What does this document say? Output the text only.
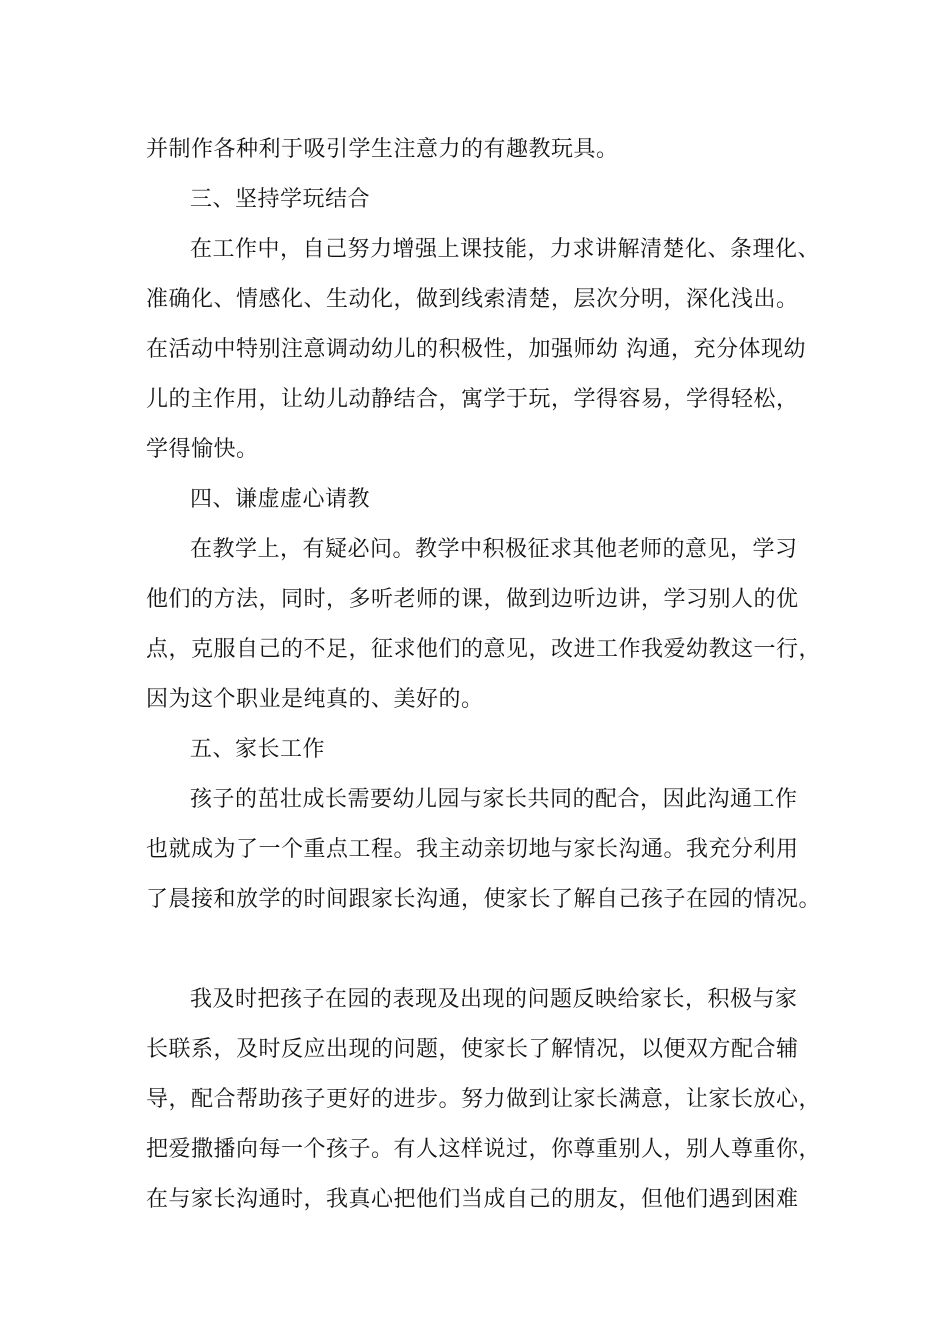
并制作各种利于吸引学生注意力的有趣教玩具。
三、坚持学玩结合
在工作中，自己努力增强上课技能，力求讲解清楚化、条理化、
准确化、情感化、生动化，做到线索清楚，层次分明，深化浅出。
在活动中特别注意调动幼儿的积极性，加强师幼 沟通，充分体现幼
儿的主作用，让幼儿动静结合，寓学于玩，学得容易，学得轻松，
学得愉快。
四、谦虚虚心请教
在教学上，有疑必问。教学中积极征求其他老师的意见，学习
他们的方法，同时，多听老师的课，做到边听边讲，学习别人的优
点，克服自己的不足，征求他们的意见，改进工作我爱幼教这一行，
因为这个职业是纯真的、美好的。
五、家长工作
孩子的茁壮成长需要幼儿园与家长共同的配合，因此沟通工作
也就成为了一个重点工程。我主动亲切地与家长沟通。我充分利用
了晨接和放学的时间跟家长沟通，使家长了解自己孩子在园的情况。
我及时把孩子在园的表现及出现的问题反映给家长，积极与家
长联系，及时反应出现的问题，使家长了解情况，以便双方配合辅
导，配合帮助孩子更好的进步。努力做到让家长满意，让家长放心，
把爱撒播向每一个孩子。有人这样说过，你尊重别人，别人尊重你，
在与家长沟通时，我真心把他们当成自己的朋友，但他们遇到困难
